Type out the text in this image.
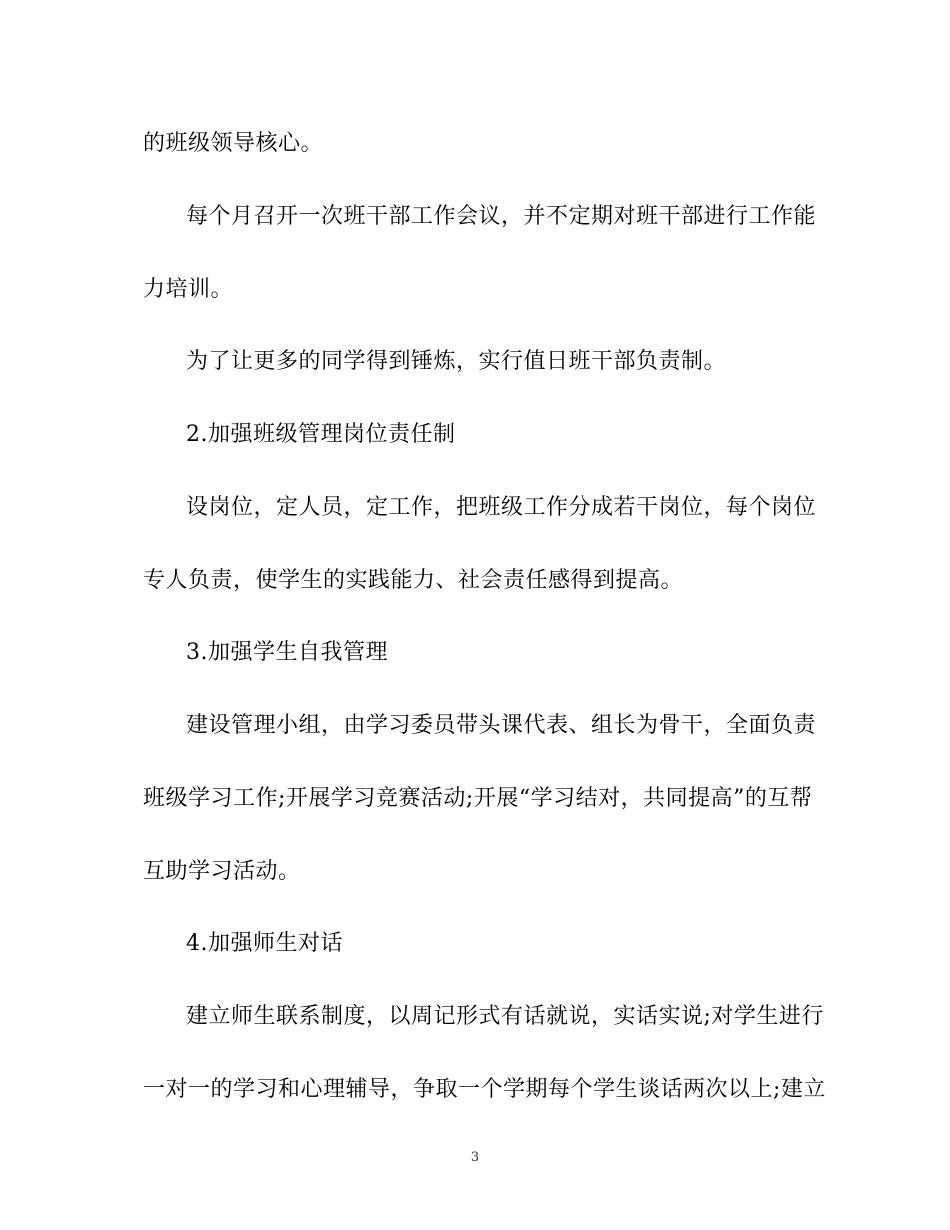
的班级领导核心。
每个月召开一次班干部工作会议，并不定期对班干部进行工作能
力培训。
为了让更多的同学得到锤炼，实行值日班干部负责制。
2.加强班级管理岗位责任制
设岗位，定人员，定工作，把班级工作分成若干岗位，每个岗位
专人负责，使学生的实践能力、社会责任感得到提高。
3.加强学生自我管理
建设管理小组，由学习委员带头课代表、组长为骨干，全面负责
班级学习工作;开展学习竞赛活动;开展“学习结对，共同提高”的互帮
互助学习活动。
4.加强师生对话
建立师生联系制度，以周记形式有话就说，实话实说;对学生进行
一对一的学习和心理辅导，争取一个学期每个学生谈话两次以上;建立
3
